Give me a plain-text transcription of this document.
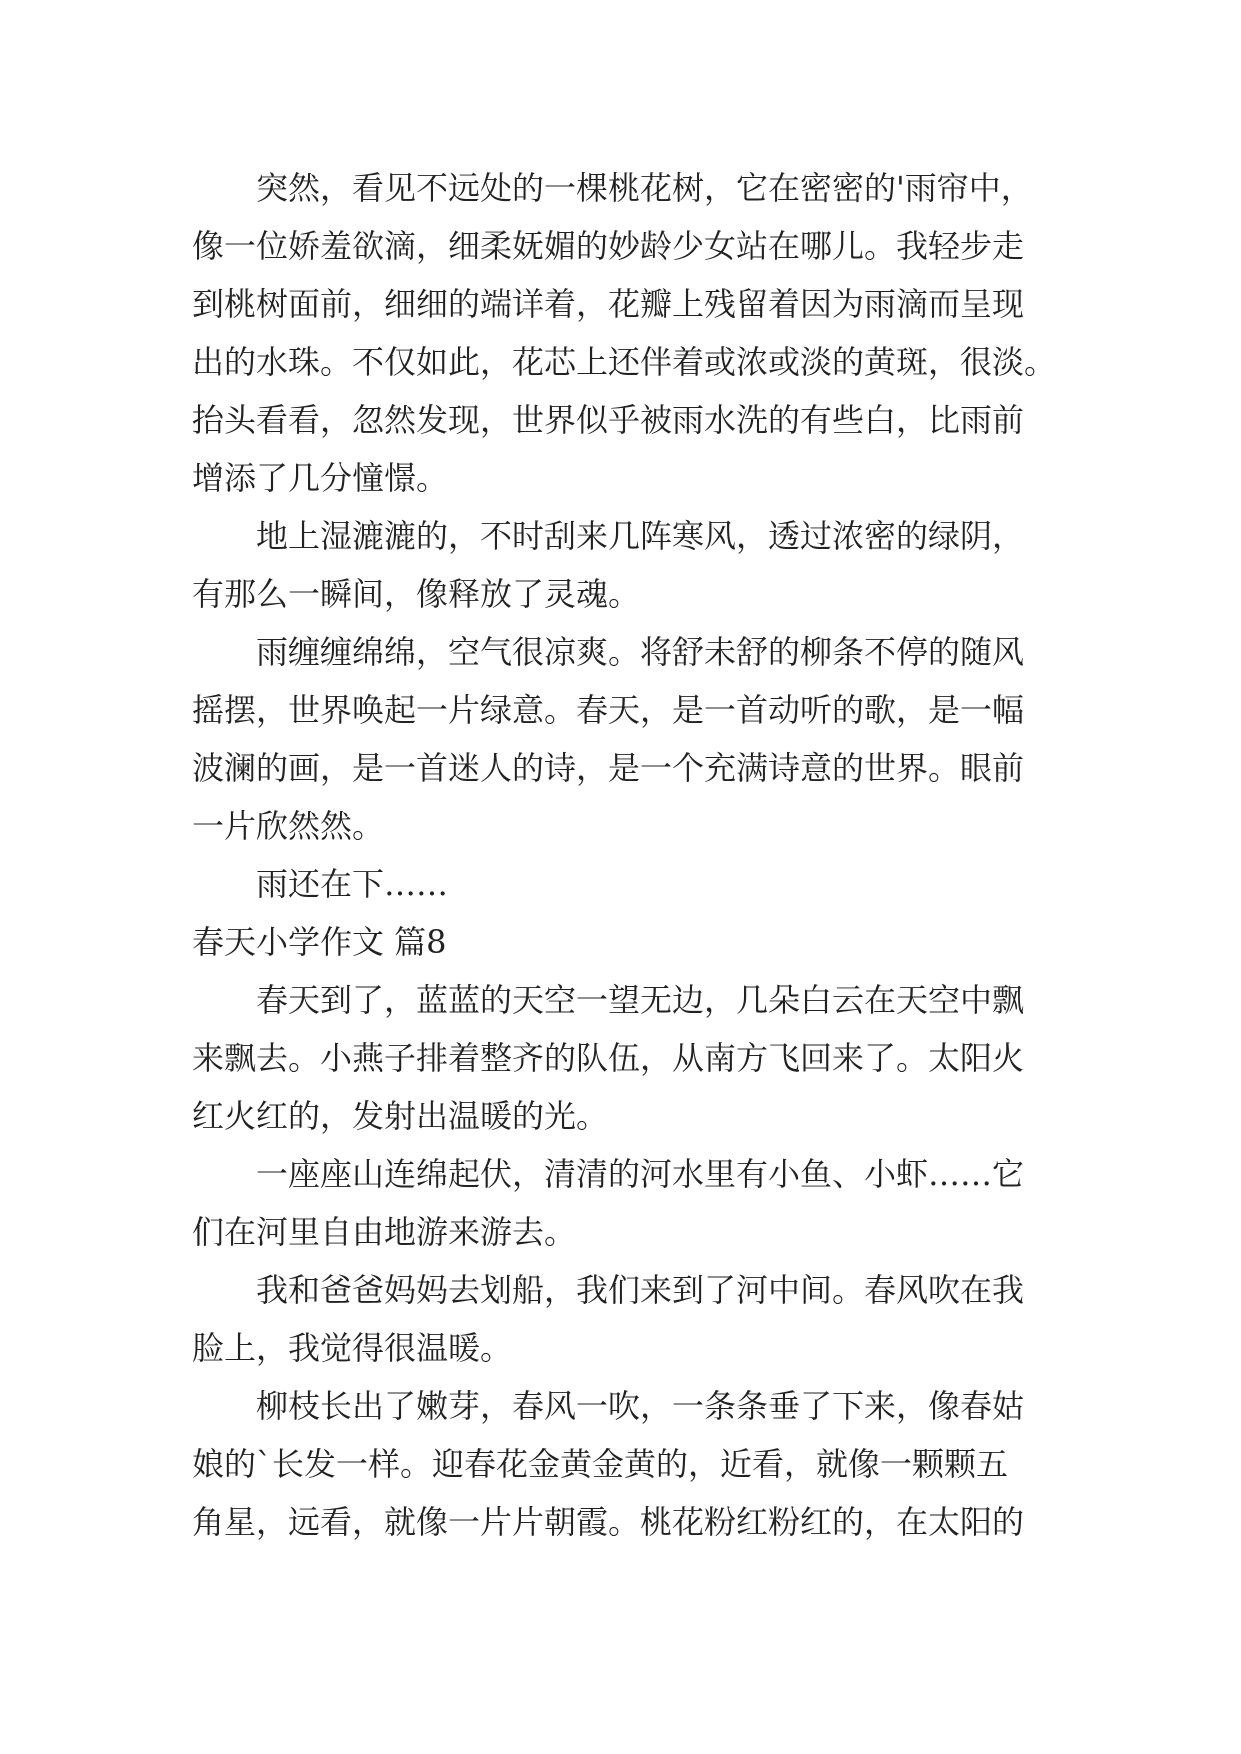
突然，看见不远处的一棵桃花树，它在密密的'雨帘中，
像一位娇羞欲滴，细柔妩媚的妙龄少女站在哪儿。我轻步走
到桃树面前，细细的端详着，花瓣上残留着因为雨滴而呈现
出的水珠。不仅如此，花芯上还伴着或浓或淡的黄斑，很淡。
抬头看看，忽然发现，世界似乎被雨水洗的有些白，比雨前
增添了几分憧憬。
地上湿漉漉的，不时刮来几阵寒风，透过浓密的绿阴，
有那么一瞬间，像释放了灵魂。
雨缠缠绵绵，空气很凉爽。将舒未舒的柳条不停的随风
摇摆，世界唤起一片绿意。春天，是一首动听的歌，是一幅
波澜的画，是一首迷人的诗，是一个充满诗意的世界。眼前
一片欣然然。
雨还在下……
春天小学作文 篇8
春天到了，蓝蓝的天空一望无边，几朵白云在天空中飘
来飘去。小燕子排着整齐的队伍，从南方飞回来了。太阳火
红火红的，发射出温暖的光。
一座座山连绵起伏，清清的河水里有小鱼、小虾……它
们在河里自由地游来游去。
我和爸爸妈妈去划船，我们来到了河中间。春风吹在我
脸上，我觉得很温暖。
柳枝长出了嫩芽，春风一吹，一条条垂了下来，像春姑
娘的`长发一样。迎春花金黄金黄的，近看，就像一颗颗五
角星，远看，就像一片片朝霞。桃花粉红粉红的，在太阳的
